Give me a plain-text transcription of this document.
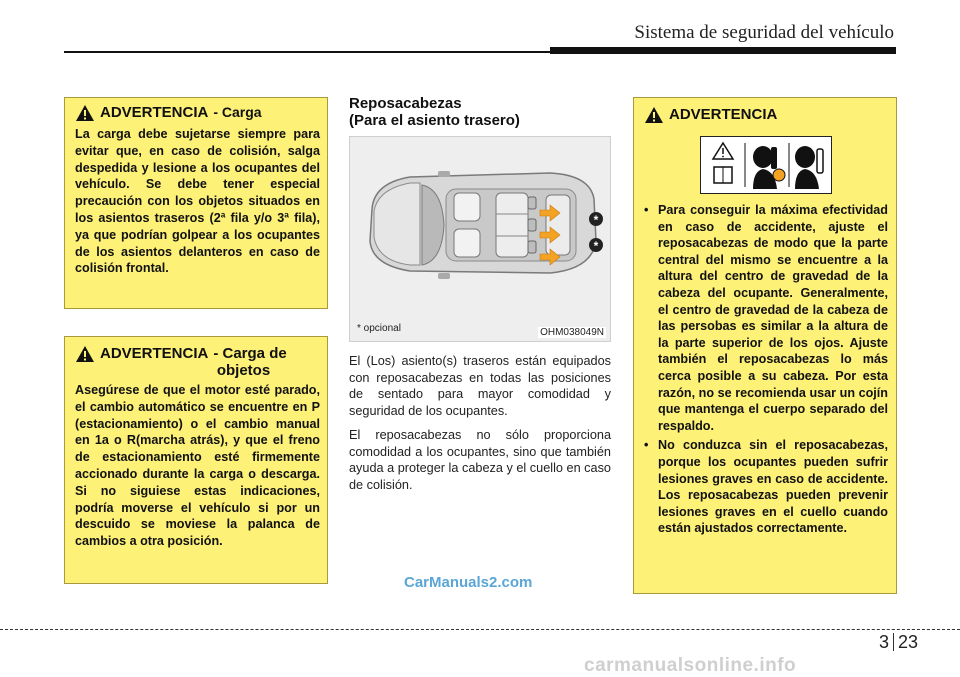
Sistema de seguridad del vehículo
ADVERTENCIA - Carga

La carga debe sujetarse siempre para evitar que, en caso de colisión, salga despedida y lesione a los ocupantes del vehículo. Se debe tener especial precaución con los objetos situados en los asientos traseros (2ª fila y/o 3ª fila), ya que podrían golpear a los ocupantes de los asientos delanteros en caso de colisión frontal.

ADVERTENCIA - Carga de
objetos

Asegúrese de que el motor esté parado, el cambio automático se encuentre en P (estacionamiento) o el cambio manual en 1a o R(marcha atrás), y que el freno de estacionamiento esté firmemente accionado durante la carga o descarga. Si no siguiese estas indicaciones, podría moverse el vehículo si por un descuido se moviese la palanca de cambios a otra posición.

Reposacabezas
(Para el asiento trasero)
*
*
* opcional	OHM038049N

El (Los) asiento(s) traseros están equipados con reposacabezas en todas las posiciones de sentado para mayor comodidad y seguridad de los ocupantes.

El reposacabezas no sólo proporciona comodidad a los ocupantes, sino que también ayuda a proteger la cabeza y el cuello en caso de colisión.

ADVERTENCIA
• Para conseguir la máxima efectividad en caso de accidente, ajuste el reposacabezas de modo que la parte central del mismo se encuentre a la altura del centro de gravedad de la cabeza del ocupante. Generalmente, el centro de gravedad de la cabeza de las persobas es similar a la altura de la parte superior de los ojos. Ajuste también el reposacabezas lo más cerca posible a su cabeza. Por esta razón, no se recomienda usar un cojín que mantenga el cuerpo separado del respaldo.
• No conduzca sin el reposacabezas, porque los ocupantes pueden sufrir lesiones graves en caso de accidente. Los reposacabezas pueden prevenir lesiones graves en el cuello cuando están ajustados correctamente.
CarManuals2.com
3 23
carmanualsonline.info
